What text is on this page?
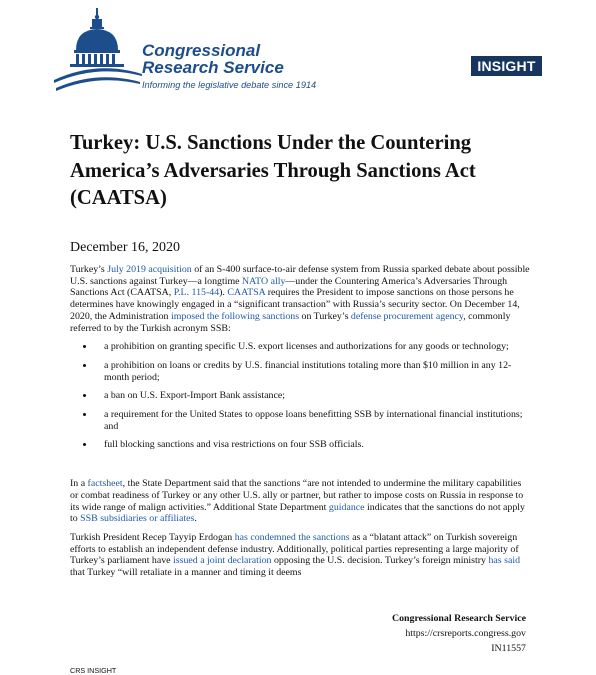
Congressional
Research Service
Informing the legislative debate since 1914
INSIGHT
Turkey: U.S. Sanctions Under the Countering America’s Adversaries Through Sanctions Act (CAATSA)

December 16, 2020

Turkey’s July 2019 acquisition of an S-400 surface-to-air defense system from Russia sparked debate about possible U.S. sanctions against Turkey—a longtime NATO ally—under the Countering America’s Adversaries Through Sanctions Act (CAATSA, P.L. 115-44). CAATSA requires the President to impose sanctions on those persons he determines have knowingly engaged in a “significant transaction” with Russia’s security sector. On December 14, 2020, the Administration imposed the following sanctions on Turkey’s defense procurement agency, commonly referred to by the Turkish acronym SSB:

a prohibition on granting specific U.S. export licenses and authorizations for any goods or technology;
a prohibition on loans or credits by U.S. financial institutions totaling more than $10 million in any 12-month period;
a ban on U.S. Export-Import Bank assistance;
a requirement for the United States to oppose loans benefitting SSB by international financial institutions; and
full blocking sanctions and visa restrictions on four SSB officials.

In a factsheet, the State Department said that the sanctions “are not intended to undermine the military capabilities or combat readiness of Turkey or any other U.S. ally or partner, but rather to impose costs on Russia in response to its wide range of malign activities.” Additional State Department guidance indicates that the sanctions do not apply to SSB subsidiaries or affiliates.

Turkish President Recep Tayyip Erdogan has condemned the sanctions as a “blatant attack” on Turkish sovereign efforts to establish an independent defense industry. Additionally, political parties representing a large majority of Turkey’s parliament have issued a joint declaration opposing the U.S. decision. Turkey’s foreign ministry has said that Turkey “will retaliate in a manner and timing it deems

Congressional Research Service
https://crsreports.congress.gov
IN11557
CRS INSIGHT
